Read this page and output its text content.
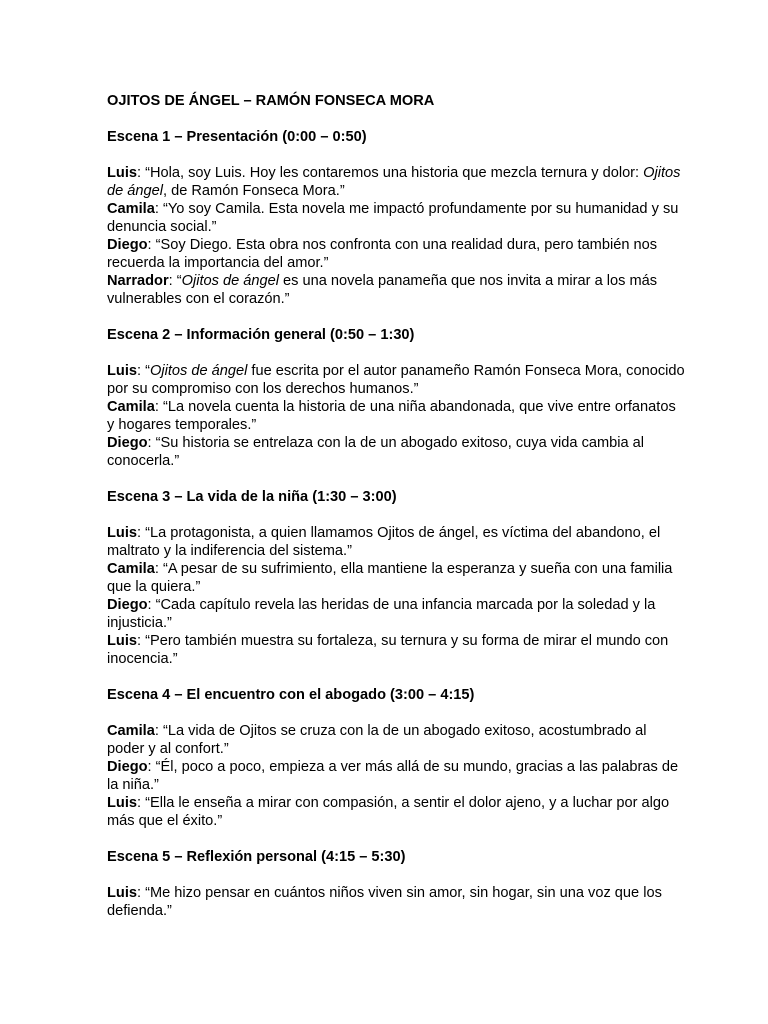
OJITOS DE ÁNGEL – RAMÓN FONSECA MORA

Escena 1 – Presentación (0:00 – 0:50)

Luis: “Hola, soy Luis. Hoy les contaremos una historia que mezcla ternura y dolor: Ojitos de ángel, de Ramón Fonseca Mora.”

Camila: “Yo soy Camila. Esta novela me impactó profundamente por su humanidad y su denuncia social.”

Diego: “Soy Diego. Esta obra nos confronta con una realidad dura, pero también nos recuerda la importancia del amor.”

Narrador: “Ojitos de ángel es una novela panameña que nos invita a mirar a los más vulnerables con el corazón.”

Escena 2 – Información general (0:50 – 1:30)

Luis: “Ojitos de ángel fue escrita por el autor panameño Ramón Fonseca Mora, conocido por su compromiso con los derechos humanos.”

Camila: “La novela cuenta la historia de una niña abandonada, que vive entre orfanatos y hogares temporales.”

Diego: “Su historia se entrelaza con la de un abogado exitoso, cuya vida cambia al conocerla.”

Escena 3 – La vida de la niña (1:30 – 3:00)

Luis: “La protagonista, a quien llamamos Ojitos de ángel, es víctima del abandono, el maltrato y la indiferencia del sistema.”

Camila: “A pesar de su sufrimiento, ella mantiene la esperanza y sueña con una familia que la quiera.”

Diego: “Cada capítulo revela las heridas de una infancia marcada por la soledad y la injusticia.”

Luis: “Pero también muestra su fortaleza, su ternura y su forma de mirar el mundo con inocencia.”

Escena 4 – El encuentro con el abogado (3:00 – 4:15)

Camila: “La vida de Ojitos se cruza con la de un abogado exitoso, acostumbrado al poder y al confort.”

Diego: “Él, poco a poco, empieza a ver más allá de su mundo, gracias a las palabras de la niña.”

Luis: “Ella le enseña a mirar con compasión, a sentir el dolor ajeno, y a luchar por algo más que el éxito.”

Escena 5 – Reflexión personal (4:15 – 5:30)

Luis: “Me hizo pensar en cuántos niños viven sin amor, sin hogar, sin una voz que los defienda.”
